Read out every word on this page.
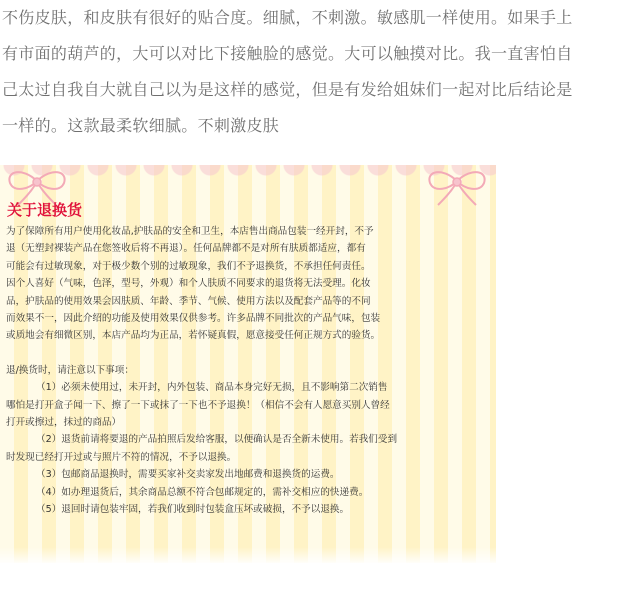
不伤皮肤，和皮肤有很好的贴合度。细腻，不刺激。敏感肌一样使用。如果手上

有市面的葫芦的，大可以对比下接触脸的感觉。大可以触摸对比。我一直害怕自

己太过自我自大就自己以为是这样的感觉，但是有发给姐妹们一起对比后结论是

一样的。这款最柔软细腻。不刺激皮肤

关于退换货

为了保障所有用户使用化妆品,护肤品的安全和卫生，本店售出商品包装一经开封，不予

退（无塑封裸装产品在您签收后将不再退）。任何品牌都不是对所有肤质都适应，都有

可能会有过敏现象，对于极少数个别的过敏现象，我们不予退换货，不承担任何责任。

因个人喜好（气味，色泽，型号，外观）和个人肤质不同要求的退货将无法受理。化妆

品，护肤品的使用效果会因肤质、年龄、季节、气候、使用方法以及配套产品等的不同

而效果不一，因此介绍的功能及使用效果仅供参考。许多品牌不同批次的产品气味，包装

或质地会有细微区别，本店产品均为正品，若怀疑真假，愿意接受任何正规方式的验货。

退/换货时，请注意以下事项：

（1）必须未使用过，未开封，内外包装、商品本身完好无损，且不影响第二次销售

哪怕是打开盒子闻一下、擦了一下或抹了一下也不予退换！（相信不会有人愿意买别人曾经

打开或擦过，抹过的商品）

（2）退货前请将要退的产品拍照后发给客服，以便确认是否全新未使用。若我们受到

时发现已经打开过或与照片不符的情况，不予以退换。

（3）包邮商品退换时，需要买家补交卖家发出地邮费和退换货的运费。

（4）如办理退货后，其余商品总额不符合包邮规定的，需补交相应的快递费。

（5）退回时请包装牢固，若我们收到时包装盒压坏或破损，不予以退换。
